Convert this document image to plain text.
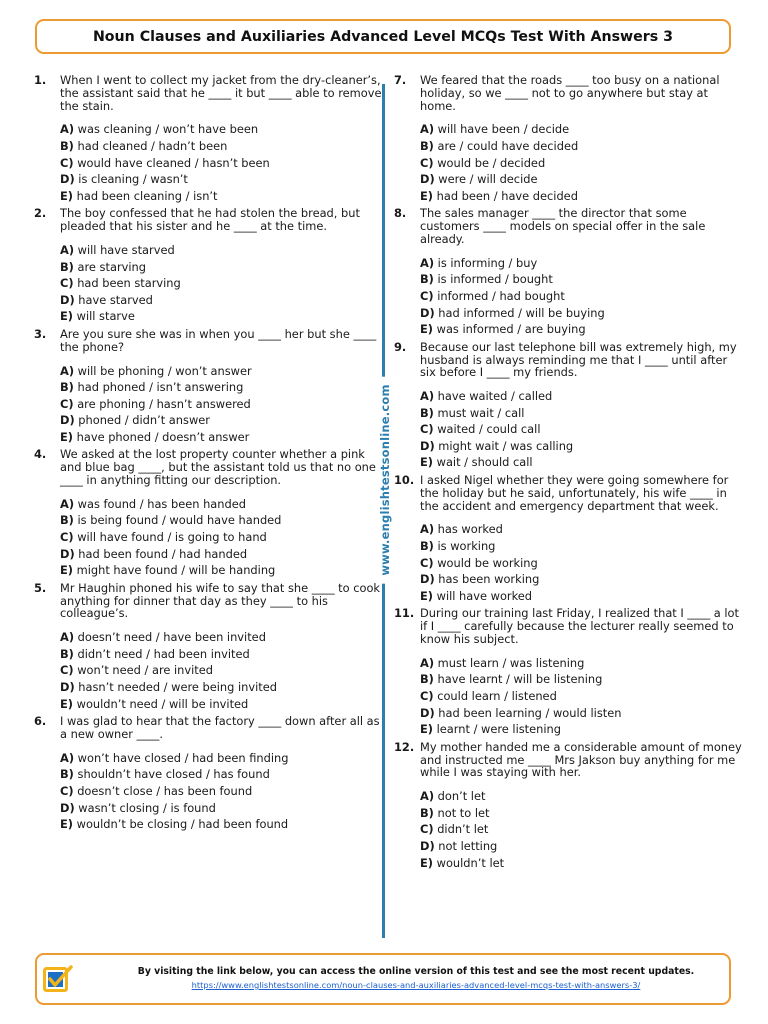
Noun Clauses and Auxiliaries Advanced Level MCQs Test With Answers 3
www.englishtestsonline.com
1. When I went to collect my jacket from the dry-cleaner’s, the assistant said that he ____ it but ____ able to remove the stain.

A) was cleaning / won’t have been
B) had cleaned / hadn’t been
C) would have cleaned / hasn’t been
D) is cleaning / wasn’t
E) had been cleaning / isn’t
2. The boy confessed that he had stolen the bread, but pleaded that his sister and he ____ at the time.

A) will have starved
B) are starving
C) had been starving
D) have starved
E) will starve
3. Are you sure she was in when you ____ her but she ____ the phone?

A) will be phoning / won’t answer
B) had phoned / isn’t answering
C) are phoning / hasn’t answered
D) phoned / didn’t answer
E) have phoned / doesn’t answer
4. We asked at the lost property counter whether a pink and blue bag ____, but the assistant told us that no one ____ in anything fitting our description.

A) was found / has been handed
B) is being found / would have handed
C) will have found / is going to hand
D) had been found / had handed
E) might have found / will be handing
5. Mr Haughin phoned his wife to say that she ____ to cook anything for dinner that day as they ____ to his colleague’s.

A) doesn’t need / have been invited
B) didn’t need / had been invited
C) won’t need / are invited
D) hasn’t needed / were being invited
E) wouldn’t need / will be invited
6. I was glad to hear that the factory ____ down after all as a new owner ____.

A) won’t have closed / had been finding
B) shouldn’t have closed / has found
C) doesn’t close / has been found
D) wasn’t closing / is found
E) wouldn’t be closing / had been found
7. We feared that the roads ____ too busy on a national holiday, so we ____ not to go anywhere but stay at home.

A) will have been / decide
B) are / could have decided
C) would be / decided
D) were / will decide
E) had been / have decided
8. The sales manager ____ the director that some customers ____ models on special offer in the sale already.

A) is informing / buy
B) is informed / bought
C) informed / had bought
D) had informed / will be buying
E) was informed / are buying
9. Because our last telephone bill was extremely high, my husband is always reminding me that I ____ until after six before I ____ my friends.

A) have waited / called
B) must wait / call
C) waited / could call
D) might wait / was calling
E) wait / should call
10. I asked Nigel whether they were going somewhere for the holiday but he said, unfortunately, his wife ____ in the accident and emergency department that week.

A) has worked
B) is working
C) would be working
D) has been working
E) will have worked
11. During our training last Friday, I realized that I ____ a lot if I ____ carefully because the lecturer really seemed to know his subject.

A) must learn / was listening
B) have learnt / will be listening
C) could learn / listened
D) had been learning / would listen
E) learnt / were listening
12. My mother handed me a considerable amount of money and instructed me ____ Mrs Jakson buy anything for me while I was staying with her.

A) don’t let
B) not to let
C) didn’t let
D) not letting
E) wouldn’t let
By visiting the link below, you can access the online version of this test and see the most recent updates.
https://www.englishtestsonline.com/noun-clauses-and-auxiliaries-advanced-level-mcqs-test-with-answers-3/
